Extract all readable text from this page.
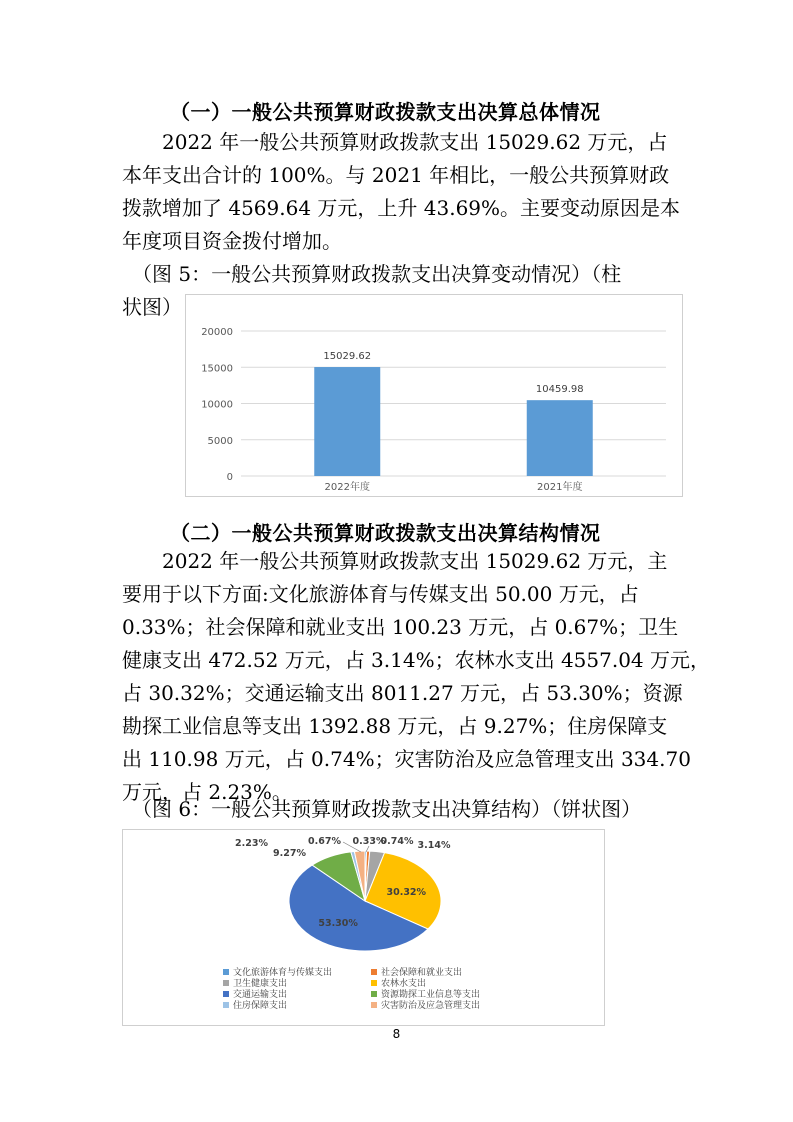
（一）一般公共预算财政拨款支出决算总体情况
　　2022 年一般公共预算财政拨款支出 15029.62 万元，占
本年支出合计的 100%。与 2021 年相比，一般公共预算财政
拨款增加了 4569.64 万元，上升 43.69%。主要变动原因是本
年度项目资金拨付增加。
　（图 5：一般公共预算财政拨款支出决算变动情况）（柱
状图）
0
5000
10000
15000
20000
15029.62
2022年度
10459.98
2021年度
（二）一般公共预算财政拨款支出决算结构情况
　　2022 年一般公共预算财政拨款支出 15029.62 万元，主
要用于以下方面:文化旅游体育与传媒支出 50.00 万元，占
0.33%；社会保障和就业支出 100.23 万元，占 0.67%；卫生
健康支出 472.52 万元，占 3.14%；农林水支出 4557.04 万元，
占 30.32%；交通运输支出 8011.27 万元，占 53.30%；资源
勘探工业信息等支出 1392.88 万元，占 9.27%；住房保障支
出 110.98 万元，占 0.74%；灾害防治及应急管理支出 334.70
万元，占 2.23%。
　（图 6：一般公共预算财政拨款支出决算结构）（饼状图）
0.33%
0.67%	3.14%
30.32%
53.30%
9.27%
0.74%
2.23%
文化旅游体育与传媒支出	社会保障和就业支出
卫生健康支出	农林水支出
交通运输支出	资源勘探工业信息等支出
住房保障支出	灾害防治及应急管理支出
8
